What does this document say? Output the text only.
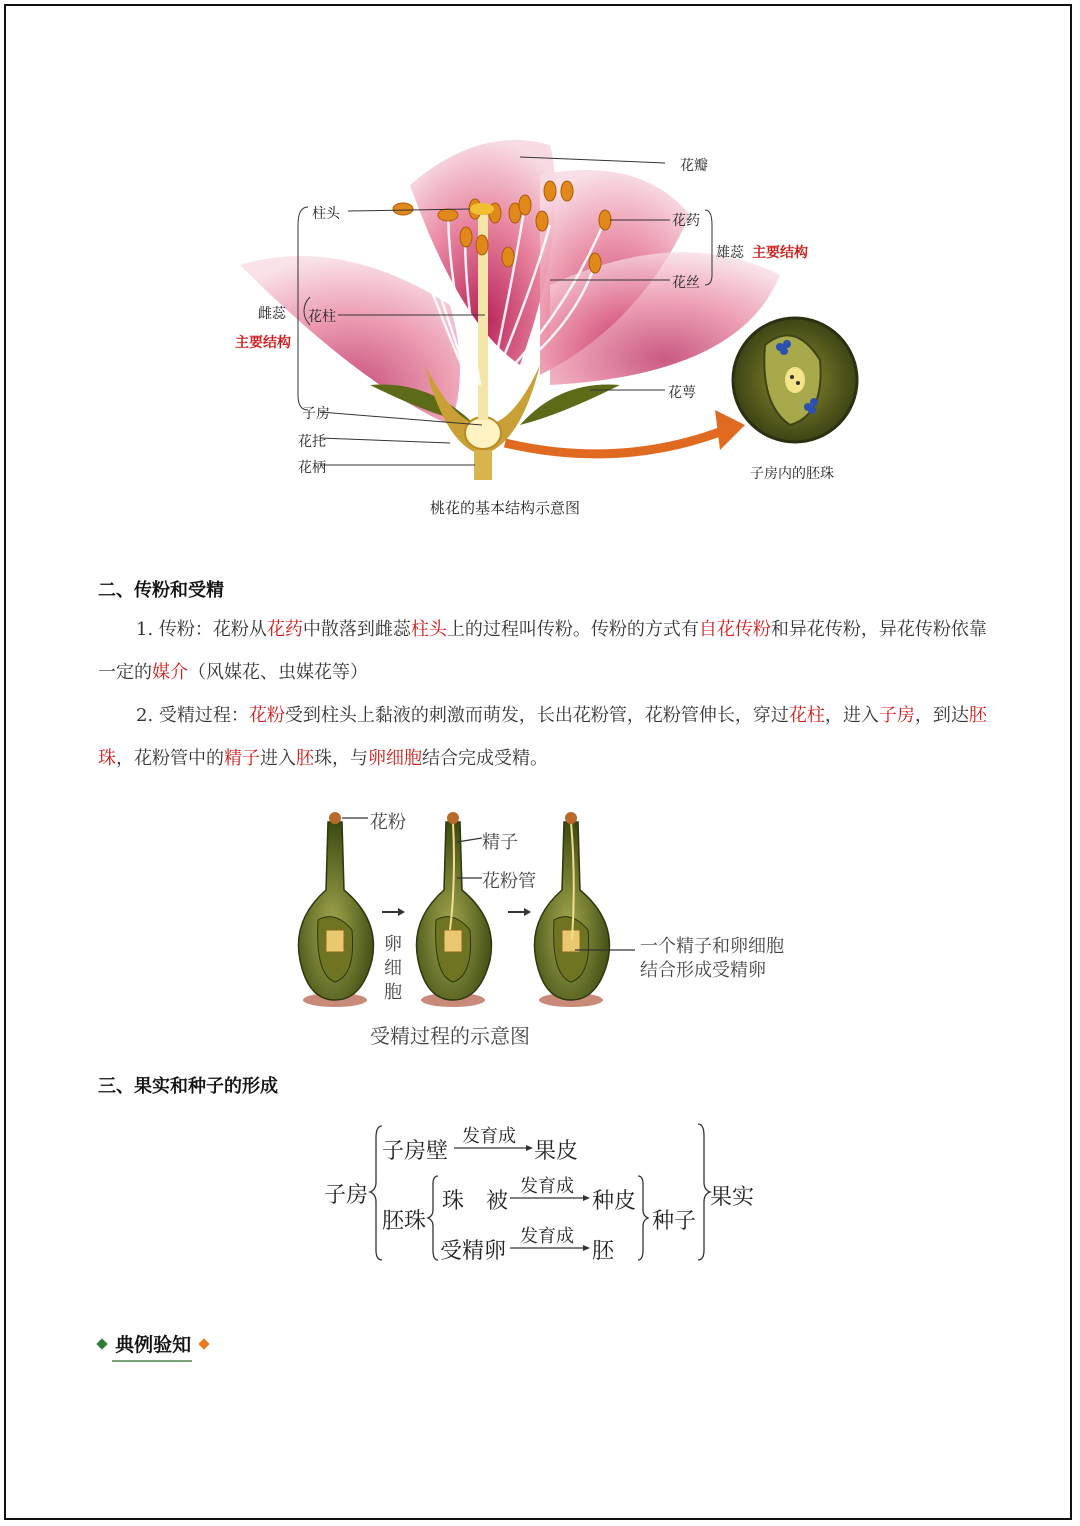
花瓣
花药
雄蕊 主要结构
花丝
柱头
雌蕊 花柱
主要结构
子房
花萼
花托
花柄	子房内的胚珠
桃花的基本结构示意图
二、传粉和受精
1. 传粉：花粉从花药中散落到雌蕊柱头上的过程叫传粉。传粉的方式有自花传粉和异花传粉，异花传粉依靠一定的媒介（风媒花、虫媒花等）
2. 受精过程：花粉受到柱头上黏液的刺激而萌发，长出花粉管，花粉管伸长，穿过花柱，进入子房，到达胚珠，花粉管中的精子进入胚珠，与卵细胞结合完成受精。
花粉
精子
花粉管
卵
细
胞
一个精子和卵细胞
结合形成受精卵
受精过程的示意图
三、果实和种子的形成
子房
子房壁
发育成
果皮
胚珠
珠　被
发育成
种皮
受精卵
发育成
胚
种子
果实
典例验知
